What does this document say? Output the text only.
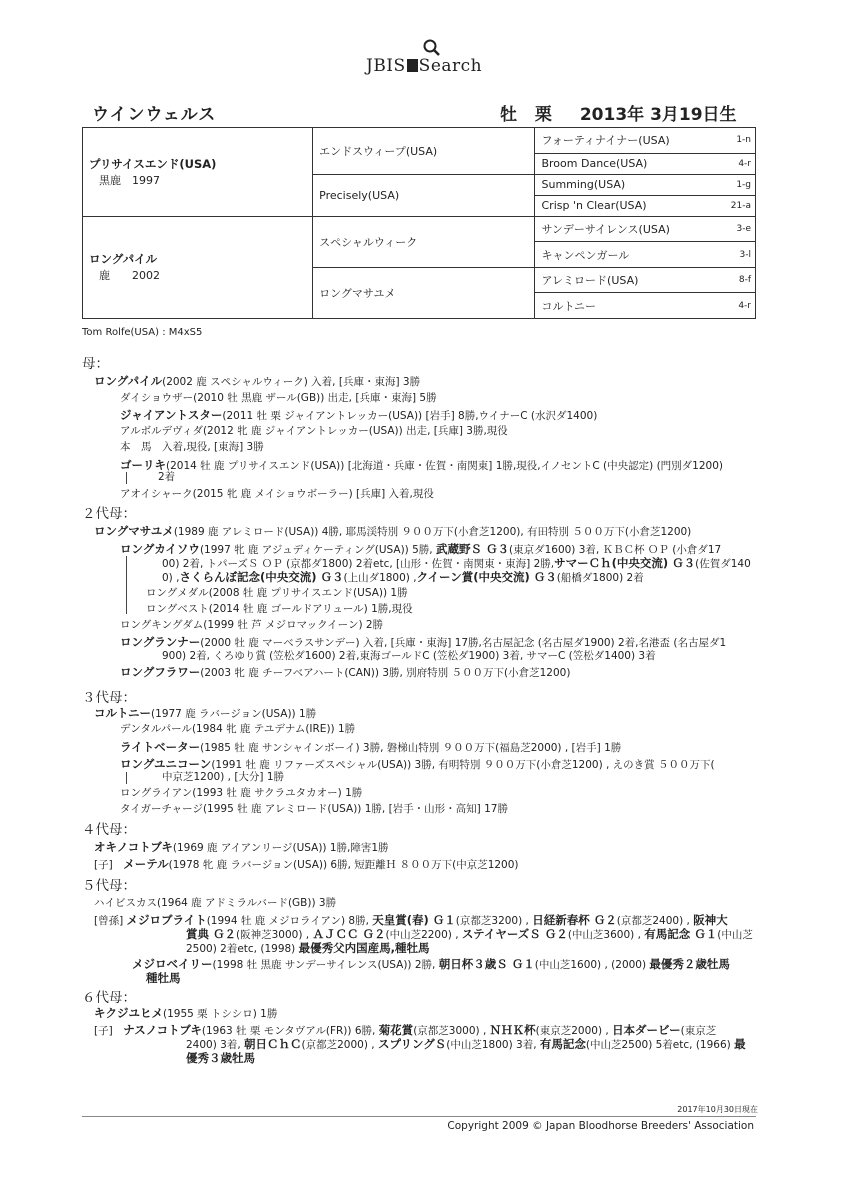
JBIS Search
ウインウェルス	牡 栗 2013年 3月19日生
プリサイスエンド(USA)
黒鹿　1997	エンドスウィープ(USA)	フォーティナイナー(USA)	1-n
		Broom Dance(USA)	4-r
	Precisely(USA)	Summing(USA)	1-g
		Crisp 'n Clear(USA)	21-a

ロングパイル
鹿　　2002	スペシャルウィーク	サンデーサイレンス(USA)	3-e
		キャンペンガール	3-l
	ロングマサユメ	アレミロード(USA)	8-f
		コルトニー	4-r
Tom Rolfe(USA) : M4xS5
母：
２代母：
３代母：
４代母：
５代母：
６代母：
ロングパイル(2002 鹿 スペシャルウィーク) 入着, [兵庫・東海] 3勝
ダイショウザー(2010 牡 黒鹿 ザール(GB)) 出走, [兵庫・東海] 5勝
ジャイアントスター(2011 牡 栗 ジャイアントレッカー(USA)) [岩手] 8勝,ウイナーC (水沢ダ1400)
アルボルデヴィダ(2012 牝 鹿 ジャイアントレッカー(USA)) 出走, [兵庫] 3勝,現役
本　馬　 入着,現役, [東海] 3勝
ゴーリキ(2014 牡 鹿 プリサイスエンド(USA)) [北海道・兵庫・佐賀・南関東] 1勝,現役,イノセントC (中央認定) (門別ダ1200)
2着
アオイシャーク(2015 牝 鹿 メイショウボーラー) [兵庫] 入着,現役
ロングマサユメ(1989 鹿 アレミロード(USA)) 4勝, 耶馬渓特別 ９００万下(小倉芝1200), 有田特別 ５００万下(小倉芝1200)
ロングカイソウ(1997 牝 鹿 アジュディケーティング(USA)) 5勝, 武蔵野Ｓ Ｇ３(東京ダ1600) 3着, ＫＢＣ杯 ＯＰ (小倉ダ17
00) 2着, トパーズＳ ＯＰ (京都ダ1800) 2着etc, [山形・佐賀・南関東・東海] 2勝,サマーＣｈ(中央交流) Ｇ３(佐賀ダ140
0) ,さくらんぼ記念(中央交流) Ｇ３(上山ダ1800) ,クイーン賞(中央交流) Ｇ３(船橋ダ1800) 2着
ロングメダル(2008 牡 鹿 プリサイスエンド(USA)) 1勝
ロングベスト(2014 牡 鹿 ゴールドアリュール) 1勝,現役
ロングキングダム(1999 牡 芦 メジロマックイーン) 2勝
ロングランナー(2000 牡 鹿 マーベラスサンデー) 入着, [兵庫・東海] 17勝,名古屋記念 (名古屋ダ1900) 2着,名港盃 (名古屋ダ1
900) 2着, くろゆり賞 (笠松ダ1600) 2着,東海ゴールドC (笠松ダ1900) 3着, サマーC (笠松ダ1400) 3着
ロングフラワー(2003 牝 鹿 チーフベアハート(CAN)) 3勝, 別府特別 ５００万下(小倉芝1200)
コルトニー(1977 鹿 ラバージョン(USA)) 1勝
デンタルパール(1984 牝 鹿 テユデナム(IRE)) 1勝
ライトベーター(1985 牡 鹿 サンシャインボーイ) 3勝, 磐梯山特別 ９００万下(福島芝2000) , [岩手] 1勝
ロングユニコーン(1991 牡 鹿 リファーズスペシャル(USA)) 3勝, 有明特別 ９００万下(小倉芝1200) , えのき賞 ５００万下(
中京芝1200) , [大分] 1勝
ロングライアン(1993 牡 鹿 サクラユタカオー) 1勝
タイガーチャージ(1995 牡 鹿 アレミロード(USA)) 1勝, [岩手・山形・高知] 17勝
オキノコトブキ(1969 鹿 アイアンリージ(USA)) 1勝,障害1勝
[子]　 メーテル(1978 牝 鹿 ラバージョン(USA)) 6勝, 短距離Ｈ ８００万下(中京芝1200)
ハイビスカス(1964 鹿 アドミラルバード(GB)) 3勝
[曾孫] メジロブライト(1994 牡 鹿 メジロライアン) 8勝, 天皇賞(春) Ｇ１(京都芝3200) , 日経新春杯 Ｇ２(京都芝2400) , 阪神大
賞典 Ｇ２(阪神芝3000) , ＡＪＣＣ Ｇ２(中山芝2200) , ステイヤーズＳ Ｇ２(中山芝3600) , 有馬記念 Ｇ１(中山芝
2500) 2着etc, (1998) 最優秀父内国産馬,種牡馬
メジロベイリー(1998 牡 黒鹿 サンデーサイレンス(USA)) 2勝, 朝日杯３歳Ｓ Ｇ１(中山芝1600) , (2000) 最優秀２歳牡馬
種牡馬
キクジユヒメ(1955 栗 トシシロ) 1勝
[子]　 ナスノコトブキ(1963 牡 栗 モンタヴアル(FR)) 6勝, 菊花賞(京都芝3000) , ＮＨＫ杯(東京芝2000) , 日本ダービー(東京芝
2400) 3着, 朝日ＣｈＣ(京都芝2000) , スプリングＳ(中山芝1800) 3着, 有馬記念(中山芝2500) 5着etc, (1966) 最
優秀３歳牡馬
2017年10月30日現在
Copyright 2009 © Japan Bloodhorse Breeders' Association
